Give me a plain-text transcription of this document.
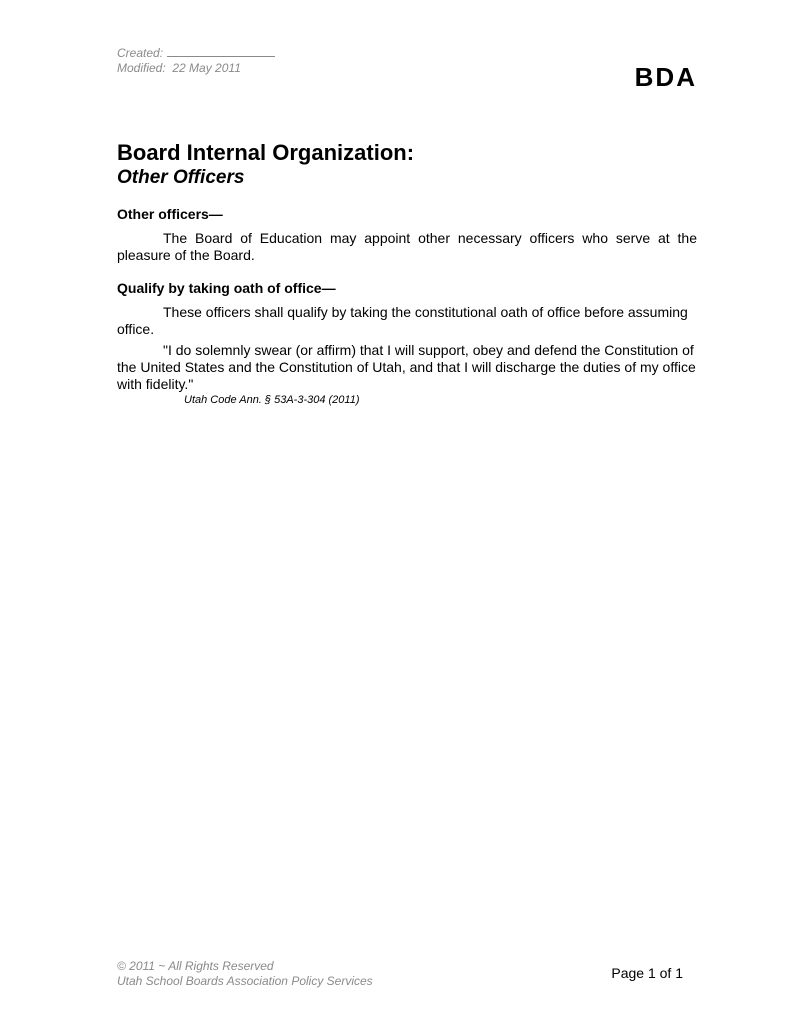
Created:
Modified: 22 May 2011	BDA
Board Internal Organization:
Other Officers

Other officers—

The Board of Education may appoint other necessary officers who serve at the pleasure of the Board.

Qualify by taking oath of office—

These officers shall qualify by taking the constitutional oath of office before assuming office.

"I do solemnly swear (or affirm) that I will support, obey and defend the Constitution of the United States and the Constitution of Utah, and that I will discharge the duties of my office with fidelity."

Utah Code Ann. § 53A-3-304 (2011)

© 2011 ~ All Rights Reserved
Utah School Boards Association Policy Services	Page 1 of 1
